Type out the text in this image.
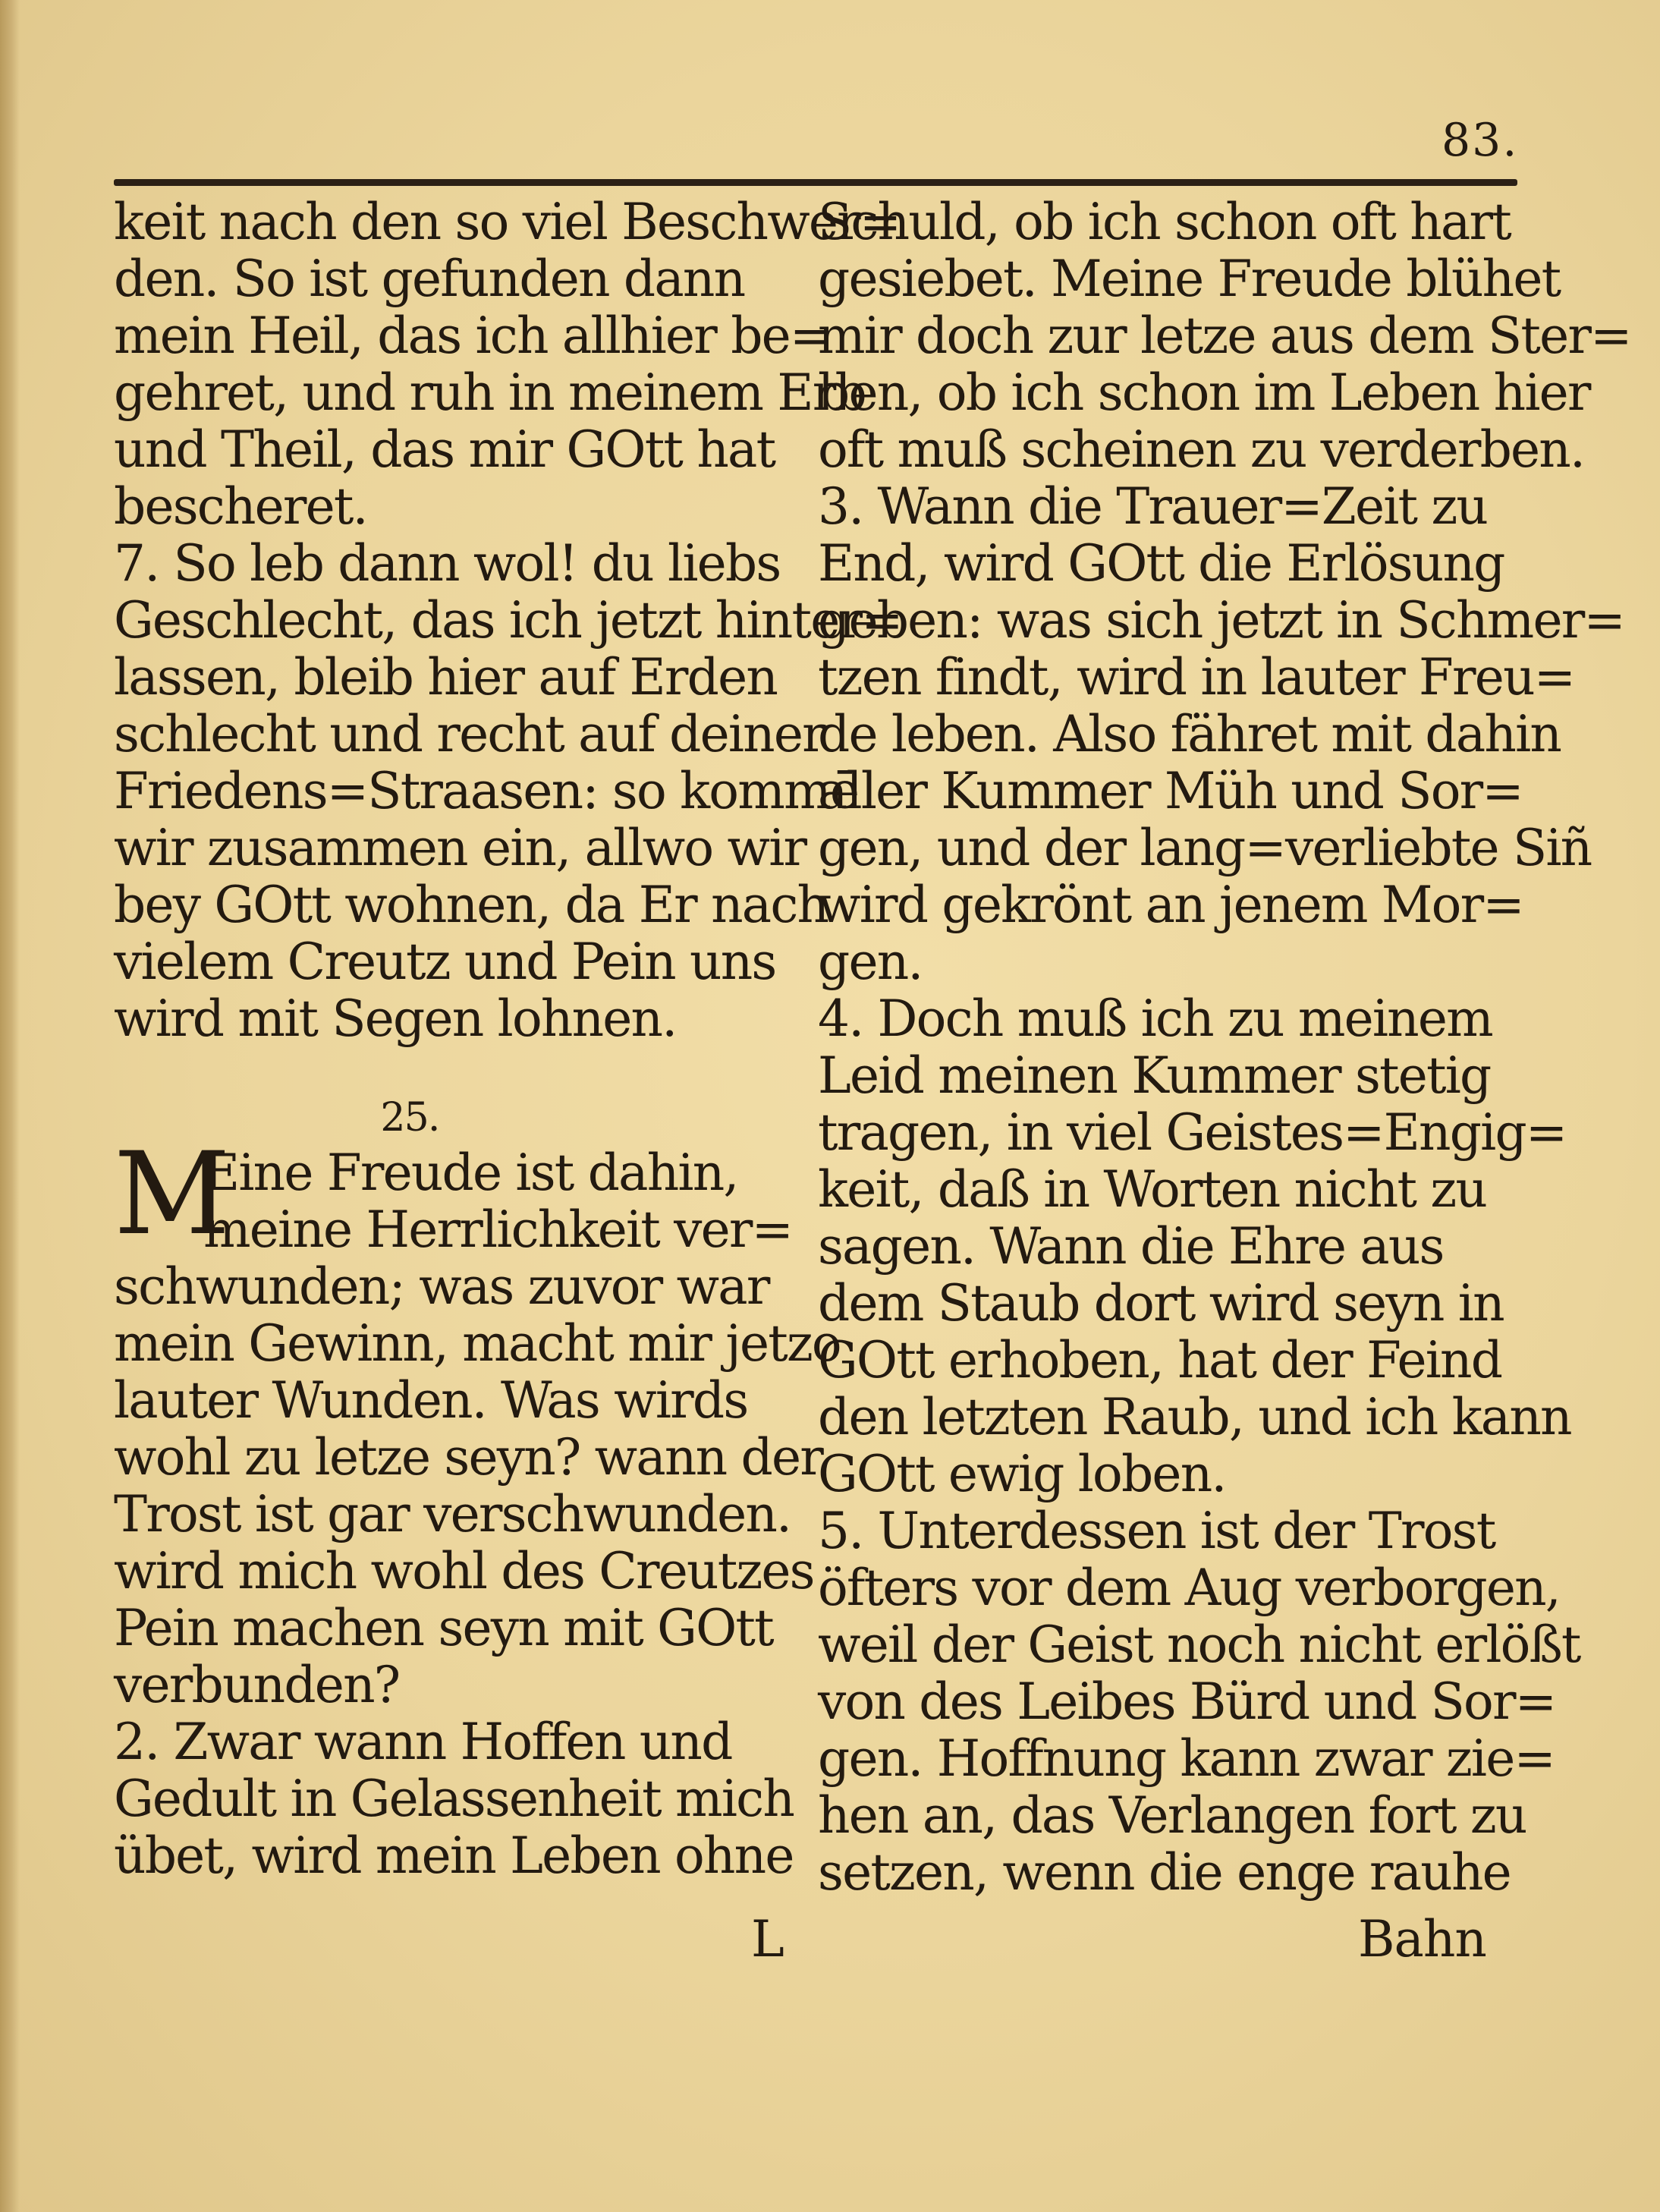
83.
keit nach den so viel Beschwer=
den. So ist gefunden dann
mein Heil, das ich allhier be=
gehret, und ruh in meinem Erb
und Theil, das mir GOtt hat
bescheret.
7. So leb dann wol! du liebs
Geschlecht, das ich jetzt hinter=
lassen, bleib hier auf Erden
schlecht und recht auf deiner
Friedens=Straasen: so kommē
wir zusammen ein, allwo wir
bey GOtt wohnen, da Er nach
vielem Creutz und Pein uns
wird mit Segen lohnen.
25.
M
Eine Freude ist dahin,
meine Herrlichkeit ver=
schwunden; was zuvor war
mein Gewinn, macht mir jetzo
lauter Wunden. Was wirds
wohl zu letze seyn? wann der
Trost ist gar verschwunden.
wird mich wohl des Creutzes
Pein machen seyn mit GOtt
verbunden?
2. Zwar wann Hoffen und
Gedult in Gelassenheit mich
übet, wird mein Leben ohne
Schuld, ob ich schon oft hart
gesiebet. Meine Freude blühet
mir doch zur letze aus dem Ster=
ben, ob ich schon im Leben hier
oft muß scheinen zu verderben.
3. Wann die Trauer=Zeit zu
End, wird GOtt die Erlösung
geben: was sich jetzt in Schmer=
tzen findt, wird in lauter Freu=
de leben. Also fähret mit dahin
aller Kummer Müh und Sor=
gen, und der lang=verliebte Siñ
wird gekrönt an jenem Mor=
gen.
4. Doch muß ich zu meinem
Leid meinen Kummer stetig
tragen, in viel Geistes=Engig=
keit, daß in Worten nicht zu
sagen. Wann die Ehre aus
dem Staub dort wird seyn in
GOtt erhoben, hat der Feind
den letzten Raub, und ich kann
GOtt ewig loben.
5. Unterdessen ist der Trost
öfters vor dem Aug verborgen,
weil der Geist noch nicht erlößt
von des Leibes Bürd und Sor=
gen. Hoffnung kann zwar zie=
hen an, das Verlangen fort zu
setzen, wenn die enge rauhe
L	Bahn
